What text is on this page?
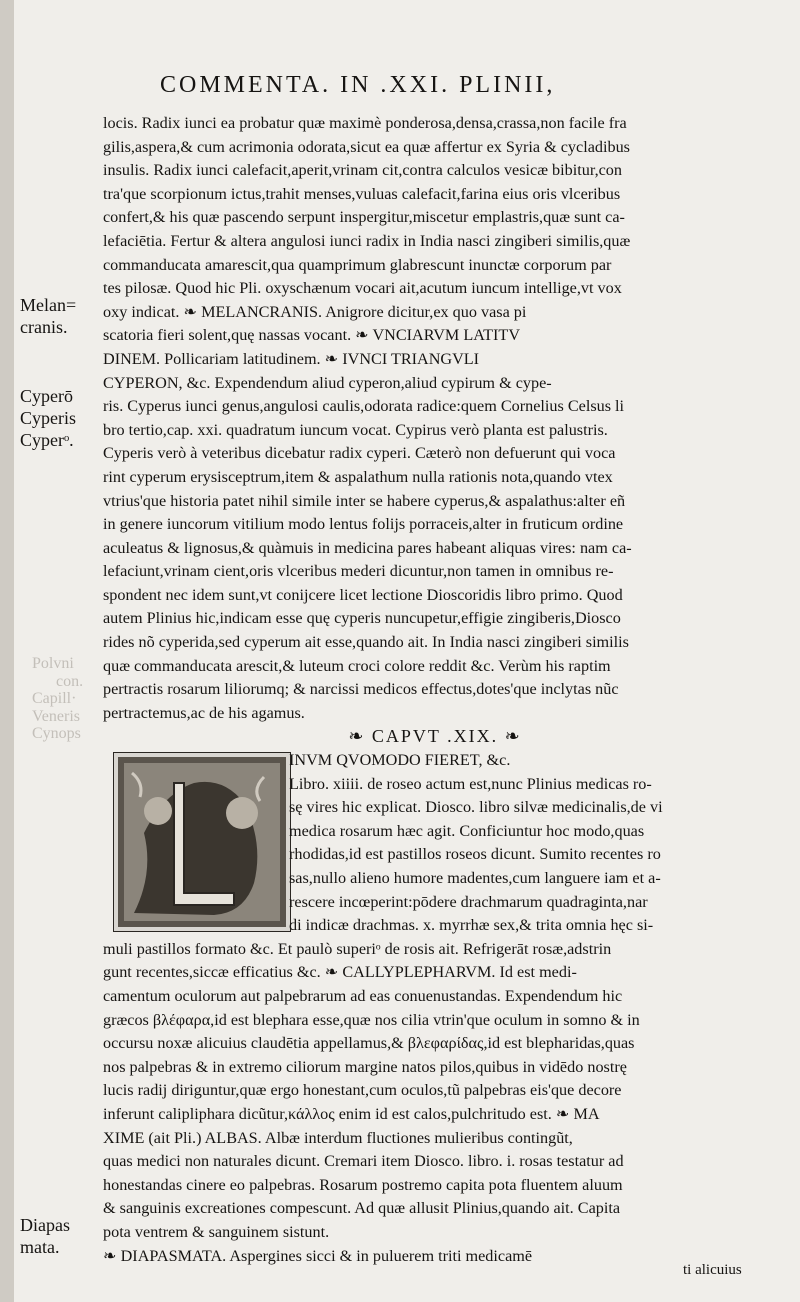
Polvni
con.
Capill·
Veneris
Cynops
COMMENTA. IN .XXI. PLINII,
Melan=
cranis.
Cyperō
Cyperis
Cyperᵒ.
Diapas
mata.
locis. Radix iunci ea probatur quæ maximè ponderosa,densa,crassa,non facile fra
gilis,aspera,& cum acrimonia odorata,sicut ea quæ affertur ex Syria & cycladibus
insulis. Radix iunci calefacit,aperit,vrinam cit,contra calculos vesicæ bibitur,con
tra'que scorpionum ictus,trahit menses,vuluas calefacit,farina eius oris vlceribus
confert,& his quæ pascendo serpunt inspergitur,miscetur emplastris,quæ sunt ca-
lefaciētia. Fertur & altera angulosi iunci radix in India nasci zingiberi similis,quæ
commanducata amarescit,qua quamprimum glabrescunt inunctæ corporum par
tes pilosæ. Quod hic Pli. oxyschænum vocari ait,acutum iuncum intellige,vt vox
oxy indicat. ❧ MELANCRANIS. Anigrore dicitur,ex quo vasa pi
scatoria fieri solent,quę nassas vocant. ❧ VNCIARVM LATITV
DINEM. Pollicariam latitudinem. ❧ IVNCI TRIANGVLI
CYPERON, &c. Expendendum aliud cyperon,aliud cypirum & cype-
ris. Cyperus iunci genus,angulosi caulis,odorata radice:quem Cornelius Celsus li
bro tertio,cap. xxi. quadratum iuncum vocat. Cypirus verò planta est palustris.
Cyperis verò à veteribus dicebatur radix cyperi. Cæterò non defuerunt qui voca
rint cyperum erysisceptrum,item & aspalathum nulla rationis nota,quando vtex
vtrius'que historia patet nihil simile inter se habere cyperus,& aspalathus:alter eñ
in genere iuncorum vitilium modo lentus folijs porraceis,alter in fruticum ordine
aculeatus & lignosus,& quàmuis in medicina pares habeant aliquas vires: nam ca-
lefaciunt,vrinam cient,oris vlceribus mederi dicuntur,non tamen in omnibus re-
spondent nec idem sunt,vt conijcere licet lectione Dioscoridis libro primo. Quod
autem Plinius hic,indicam esse quę cyperis nuncupetur,effigie zingiberis,Diosco
rides nõ cyperida,sed cyperum ait esse,quando ait. In India nasci zingiberi similis
quæ commanducata arescit,& luteum croci colore reddit &c. Verùm his raptim
pertractis rosarum liliorumq; & narcissi medicos effectus,dotes'que inclytas nũc
pertractemus,ac de his agamus.
❧ CAPVT .XIX. ❧
INVM QVOMODO FIERET, &c.
Libro. xiiii. de roseo actum est,nunc Plinius medicas ro-
sę vires hic explicat. Diosco. libro silvæ medicinalis,de vi
medica rosarum hæc agit. Conficiuntur hoc modo,quas
rhodidas,id est pastillos roseos dicunt. Sumito recentes ro
sas,nullo alieno humore madentes,cum languere iam et a-
rescere incœperint:pōdere drachmarum quadraginta,nar
di indicæ drachmas. x. myrrhæ sex,& trita omnia hęc si-
muli pastillos formato &c. Et paulò superiᵒ de rosis ait. Refrigerāt rosæ,adstrin
gunt recentes,siccæ efficatius &c. ❧ CALLYPLEPHARVM. Id est medi-
camentum oculorum aut palpebrarum ad eas conuenustandas. Expendendum hic
græcos βλέφαρα,id est blephara esse,quæ nos cilia vtrin'que oculum in somno & in
occursu noxæ alicuius claudētia appellamus,& βλεφαρίδας,id est blepharidas,quas
nos palpebras & in extremo ciliorum margine natos pilos,quibus in vidēdo nostrę
lucis radij diriguntur,quæ ergo honestant,cum oculos,tũ palpebras eis'que decore
inferunt calipliphara dicũtur,κάλλος enim id est calos,pulchritudo est. ❧ MA
XIME (ait Pli.) ALBAS. Albæ interdum fluctiones mulieribus contingũt,
quas medici non naturales dicunt. Cremari item Diosco. libro. i. rosas testatur ad
honestandas cinere eo palpebras. Rosarum postremo capita pota fluentem aluum
& sanguinis excreationes compescunt. Ad quæ allusit Plinius,quando ait. Capita
pota ventrem & sanguinem sistunt.
❧ DIAPASMATA. Aspergines sicci & in puluerem triti medicamē
ti alicuius
